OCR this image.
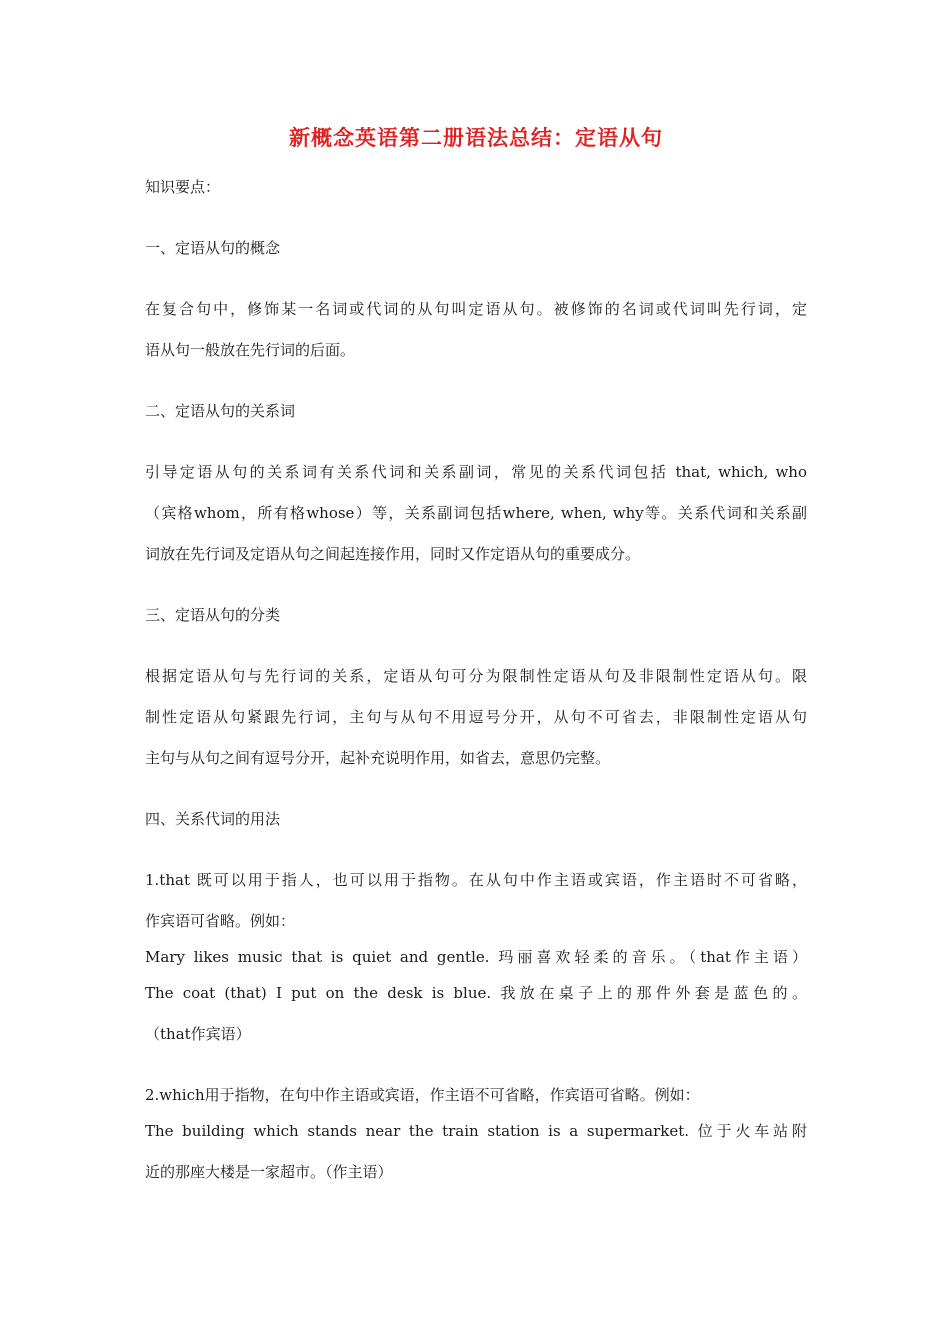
新概念英语第二册语法总结：定语从句

知识要点：

一、定语从句的概念

在复合句中，修饰某一名词或代词的从句叫定语从句。被修饰的名词或代词叫先行词，定

语从句一般放在先行词的后面。

二、定语从句的关系词

引导定语从句的关系词有关系代词和关系副词，常见的关系代词包括 that, which, who

（宾格whom，所有格whose）等，关系副词包括where, when, why等。关系代词和关系副

词放在先行词及定语从句之间起连接作用，同时又作定语从句的重要成分。

三、定语从句的分类

根据定语从句与先行词的关系，定语从句可分为限制性定语从句及非限制性定语从句。限

制性定语从句紧跟先行词，主句与从句不用逗号分开，从句不可省去，非限制性定语从句

主句与从句之间有逗号分开，起补充说明作用，如省去，意思仍完整。

四、关系代词的用法

1.that 既可以用于指人，也可以用于指物。在从句中作主语或宾语，作主语时不可省略，

作宾语可省略。例如：

Mary likes music that is quiet and gentle. 玛丽喜欢轻柔的音乐。（that作主语）

The coat (that) I put on the desk is blue. 我放在桌子上的那件外套是蓝色的。

（that作宾语）

2.which用于指物，在句中作主语或宾语，作主语不可省略，作宾语可省略。例如：

The building which stands near the train station is a supermarket. 位于火车站附

近的那座大楼是一家超市。（作主语）
